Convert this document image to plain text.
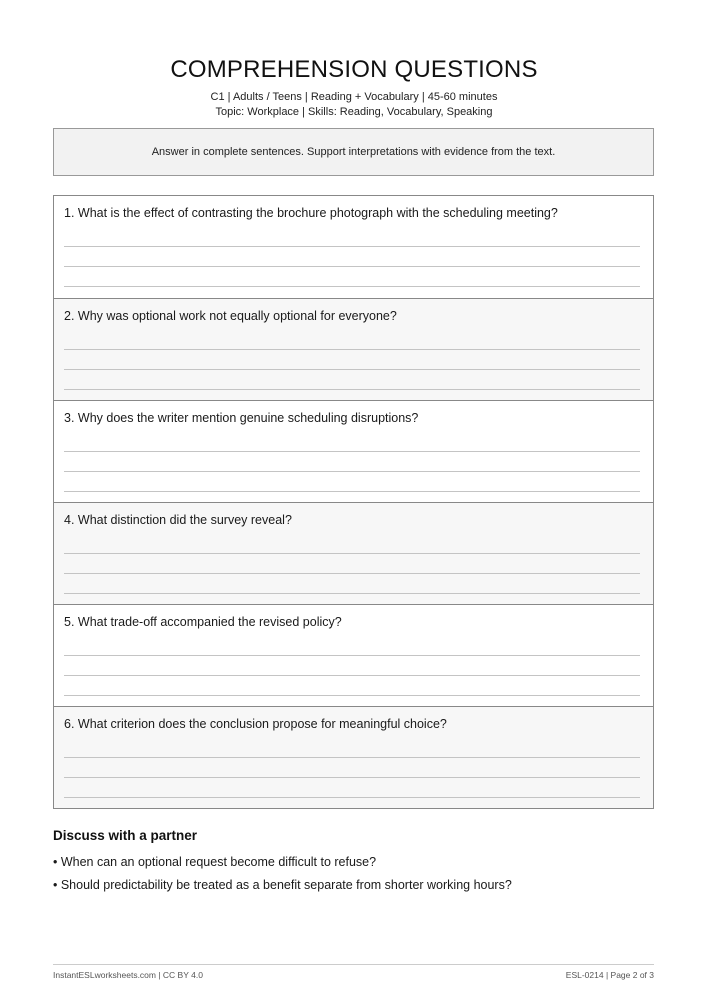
COMPREHENSION QUESTIONS
C1 | Adults / Teens | Reading + Vocabulary | 45-60 minutes
Topic: Workplace | Skills: Reading, Vocabulary, Speaking
Answer in complete sentences. Support interpretations with evidence from the text.
1. What is the effect of contrasting the brochure photograph with the scheduling meeting?
2. Why was optional work not equally optional for everyone?
3. Why does the writer mention genuine scheduling disruptions?
4. What distinction did the survey reveal?
5. What trade-off accompanied the revised policy?
6. What criterion does the conclusion propose for meaningful choice?
Discuss with a partner
• When can an optional request become difficult to refuse?
• Should predictability be treated as a benefit separate from shorter working hours?
InstantESLworksheets.com | CC BY 4.0	ESL-0214 | Page 2 of 3
